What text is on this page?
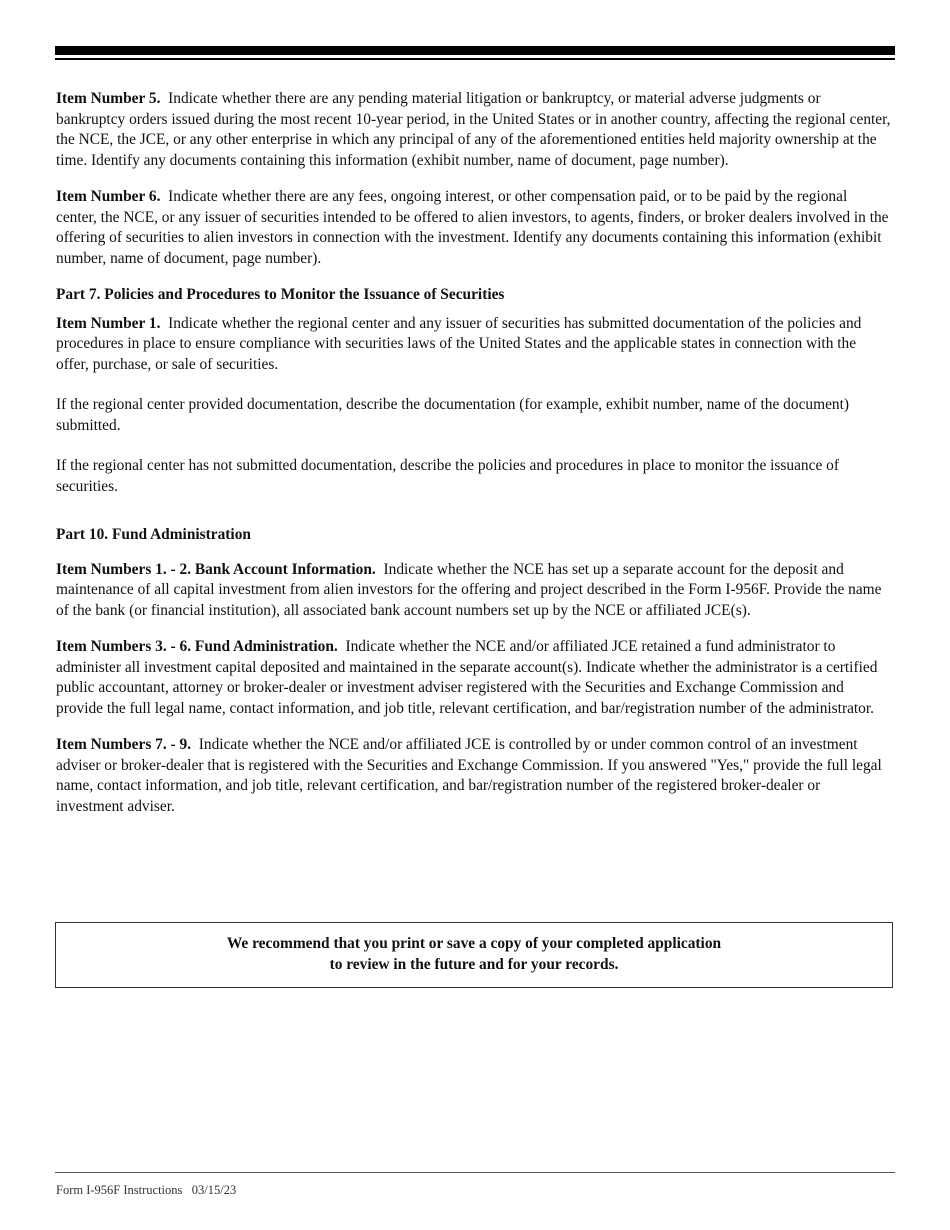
Item Number 5. Indicate whether there are any pending material litigation or bankruptcy, or material adverse judgments or bankruptcy orders issued during the most recent 10-year period, in the United States or in another country, affecting the regional center, the NCE, the JCE, or any other enterprise in which any principal of any of the aforementioned entities held majority ownership at the time. Identify any documents containing this information (exhibit number, name of document, page number).

Item Number 6. Indicate whether there are any fees, ongoing interest, or other compensation paid, or to be paid by the regional center, the NCE, or any issuer of securities intended to be offered to alien investors, to agents, finders, or broker dealers involved in the offering of securities to alien investors in connection with the investment. Identify any documents containing this information (exhibit number, name of document, page number).

Part 7. Policies and Procedures to Monitor the Issuance of Securities

Item Number 1. Indicate whether the regional center and any issuer of securities has submitted documentation of the policies and procedures in place to ensure compliance with securities laws of the United States and the applicable states in connection with the offer, purchase, or sale of securities.

If the regional center provided documentation, describe the documentation (for example, exhibit number, name of the document) submitted.

If the regional center has not submitted documentation, describe the policies and procedures in place to monitor the issuance of securities.

Part 10. Fund Administration

Item Numbers 1. - 2. Bank Account Information. Indicate whether the NCE has set up a separate account for the deposit and maintenance of all capital investment from alien investors for the offering and project described in the Form I-956F. Provide the name of the bank (or financial institution), all associated bank account numbers set up by the NCE or affiliated JCE(s).

Item Numbers 3. - 6. Fund Administration. Indicate whether the NCE and/or affiliated JCE retained a fund administrator to administer all investment capital deposited and maintained in the separate account(s). Indicate whether the administrator is a certified public accountant, attorney or broker-dealer or investment adviser registered with the Securities and Exchange Commission and provide the full legal name, contact information, and job title, relevant certification, and bar/registration number of the administrator.

Item Numbers 7. - 9. Indicate whether the NCE and/or affiliated JCE is controlled by or under common control of an investment adviser or broker-dealer that is registered with the Securities and Exchange Commission. If you answered "Yes," provide the full legal name, contact information, and job title, relevant certification, and bar/registration number of the registered broker-dealer or investment adviser.

We recommend that you print or save a copy of your completed application
to review in the future and for your records.
Form I-956F Instructions   03/15/23
